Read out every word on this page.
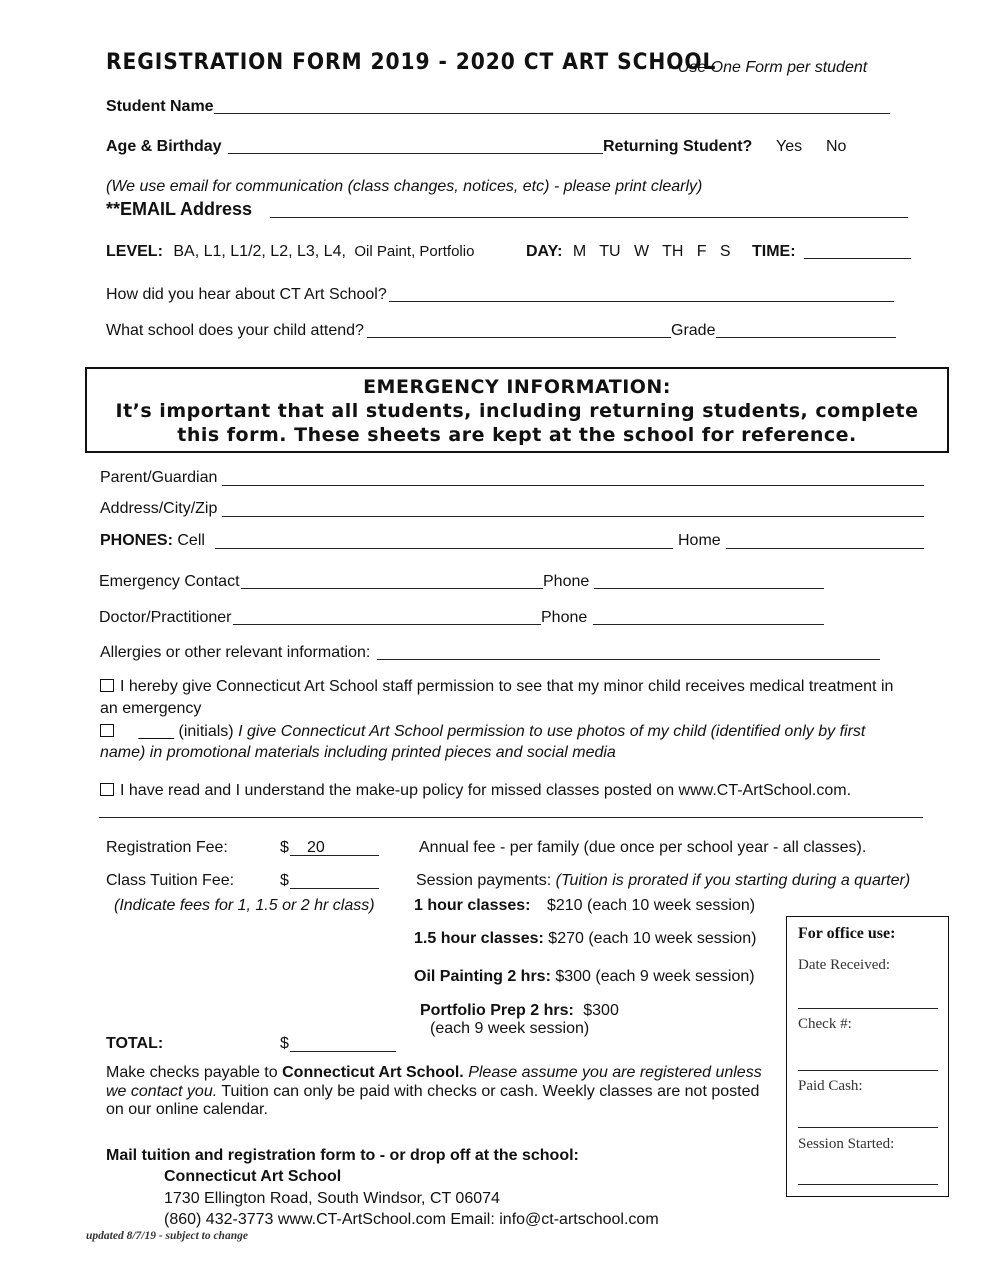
REGISTRATION FORM 2019 - 2020 CT ART SCHOOL
- Use One Form per student
Student Name
Age & Birthday	Returning Student? Yes No
(We use email for communication (class changes, notices, etc) - please print clearly)
**EMAIL Address
LEVEL: BA, L1, L1/2, L2, L3, L4, Oil Paint, Portfolio	DAY: M   TU   W   TH   F   S TIME:
How did you hear about CT Art School?
What school does your child attend?	Grade
EMERGENCY INFORMATION:
It’s important that all students, including returning students, complete
this form. These sheets are kept at the school for reference.
Parent/Guardian
Address/City/Zip
PHONES: Cell	Home
Emergency Contact	Phone
Doctor/Practitioner	Phone
Allergies or other relevant information:
I hereby give Connecticut Art School staff permission to see that my minor child receives medical treatment in
an emergency
____ (initials) I give Connecticut Art School permission to use photos of my child (identified only by first
name) in promotional materials including printed pieces and social media
I have read and I understand the make-up policy for missed classes posted on www.CT-ArtSchool.com.
Registration Fee:	$ 20	Annual fee - per family (due once per school year - all classes).
Class Tuition Fee:	$	Session payments: (Tuition is prorated if you starting during a quarter)
(Indicate fees for 1, 1.5 or 2 hr class) 1 hour classes: $210 (each 10 week session)
1.5 hour classes: $270 (each 10 week session)
Oil Painting 2 hrs: $300 (each 9 week session)
Portfolio Prep 2 hrs: $300
(each 9 week session)
TOTAL:	$
For office use:
Date Received:
Check #:
Paid Cash:
Session Started:
Make checks payable to Connecticut Art School. Please assume you are registered unless we contact you. Tuition can only be paid with checks or cash. Weekly classes are not posted on our online calendar.
Mail tuition and registration form to - or drop off at the school:
Connecticut Art School
1730 Ellington Road, South Windsor, CT 06074
(860) 432-3773 www.CT-ArtSchool.com Email: info@ct-artschool.com
updated 8/7/19 - subject to change
